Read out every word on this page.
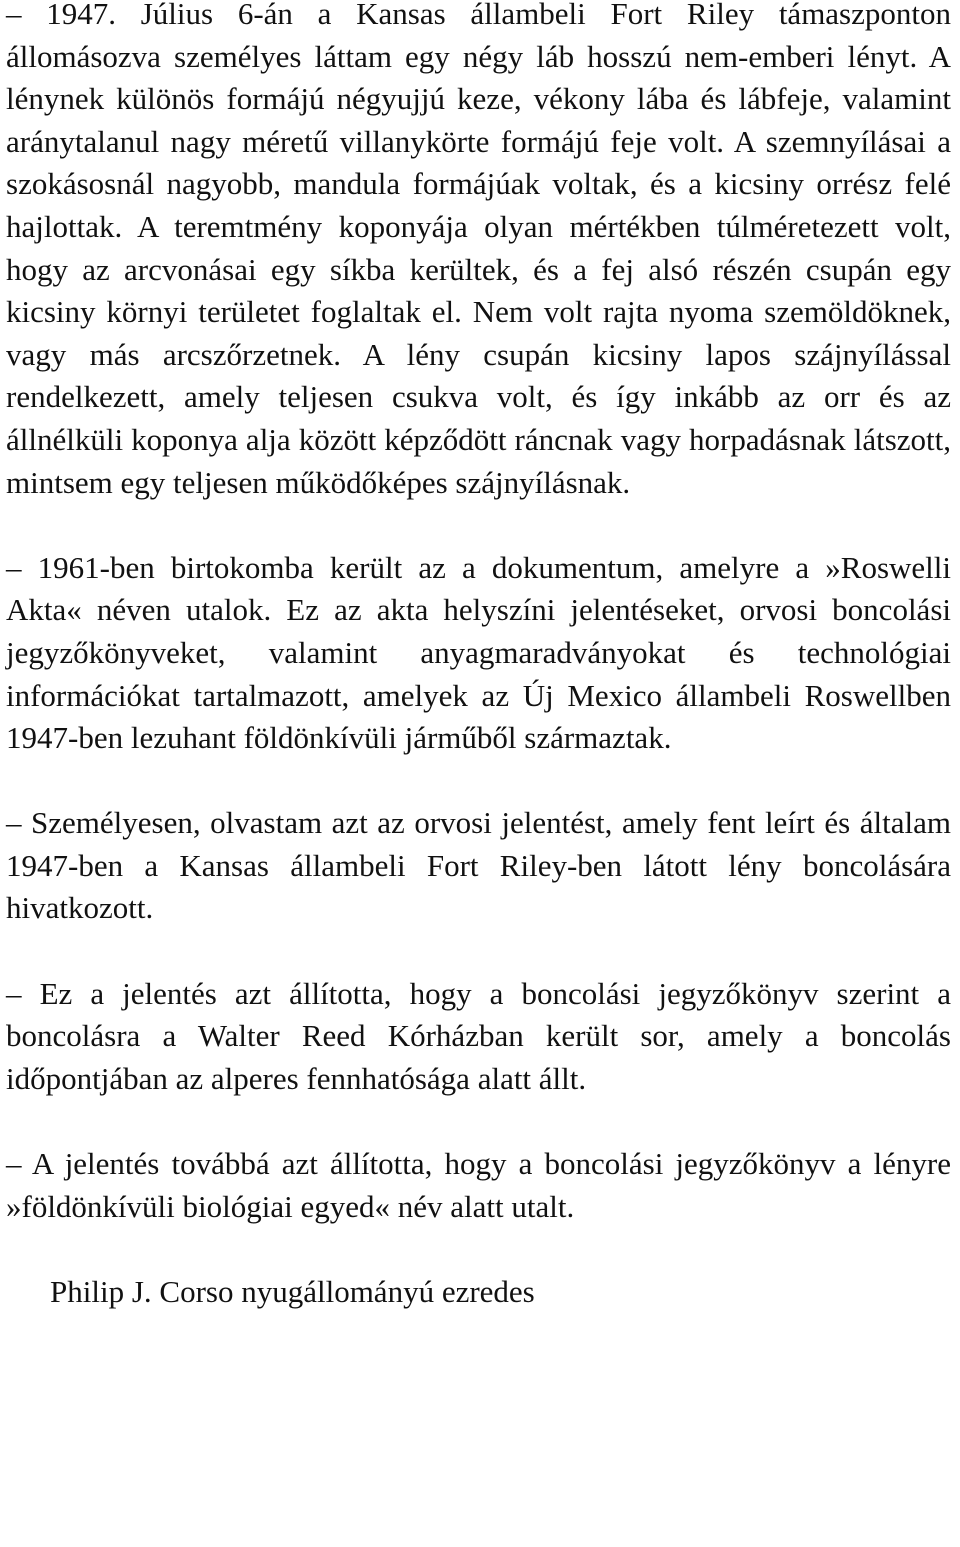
– 1947. Július 6-án a Kansas állambeli Fort Riley támaszponton állomásozva személyes láttam egy négy láb hosszú nem-emberi lényt. A lénynek különös formájú négyujjú keze, vékony lába és lábfeje, valamint aránytalanul nagy méretű villanykörte formájú feje volt. A szemnyílásai a szokásosnál nagyobb, mandula formájúak voltak, és a kicsiny orrész felé hajlottak. A teremtmény koponyája olyan mértékben túlméretezett volt, hogy az arcvonásai egy síkba kerültek, és a fej alsó részén csupán egy kicsiny környi területet foglaltak el. Nem volt rajta nyoma szemöldöknek, vagy más arcszőrzetnek. A lény csupán kicsiny lapos szájnyílással rendelkezett, amely teljesen csukva volt, és így inkább az orr és az állnélküli koponya alja között képződött ráncnak vagy horpadásnak látszott, mintsem egy teljesen működőképes szájnyílásnak.

– 1961-ben birtokomba került az a dokumentum, amelyre a »Roswelli Akta« néven utalok. Ez az akta helyszíni jelentéseket, orvosi boncolási jegyzőkönyveket, valamint anyagmaradványokat és technológiai információkat tartalmazott, amelyek az Új Mexico állambeli Roswellben 1947-ben lezuhant földönkívüli járműből származtak.

– Személyesen, olvastam azt az orvosi jelentést, amely fent leírt és általam 1947-ben a Kansas állambeli Fort Riley-ben látott lény boncolására hivatkozott.

– Ez a jelentés azt állította, hogy a boncolási jegyzőkönyv szerint a boncolásra a Walter Reed Kórházban került sor, amely a boncolás időpontjában az alperes fennhatósága alatt állt.

– A jelentés továbbá azt állította, hogy a boncolási jegyzőkönyv a lényre »földönkívüli biológiai egyed« név alatt utalt.

Philip J. Corso nyugállományú ezredes
